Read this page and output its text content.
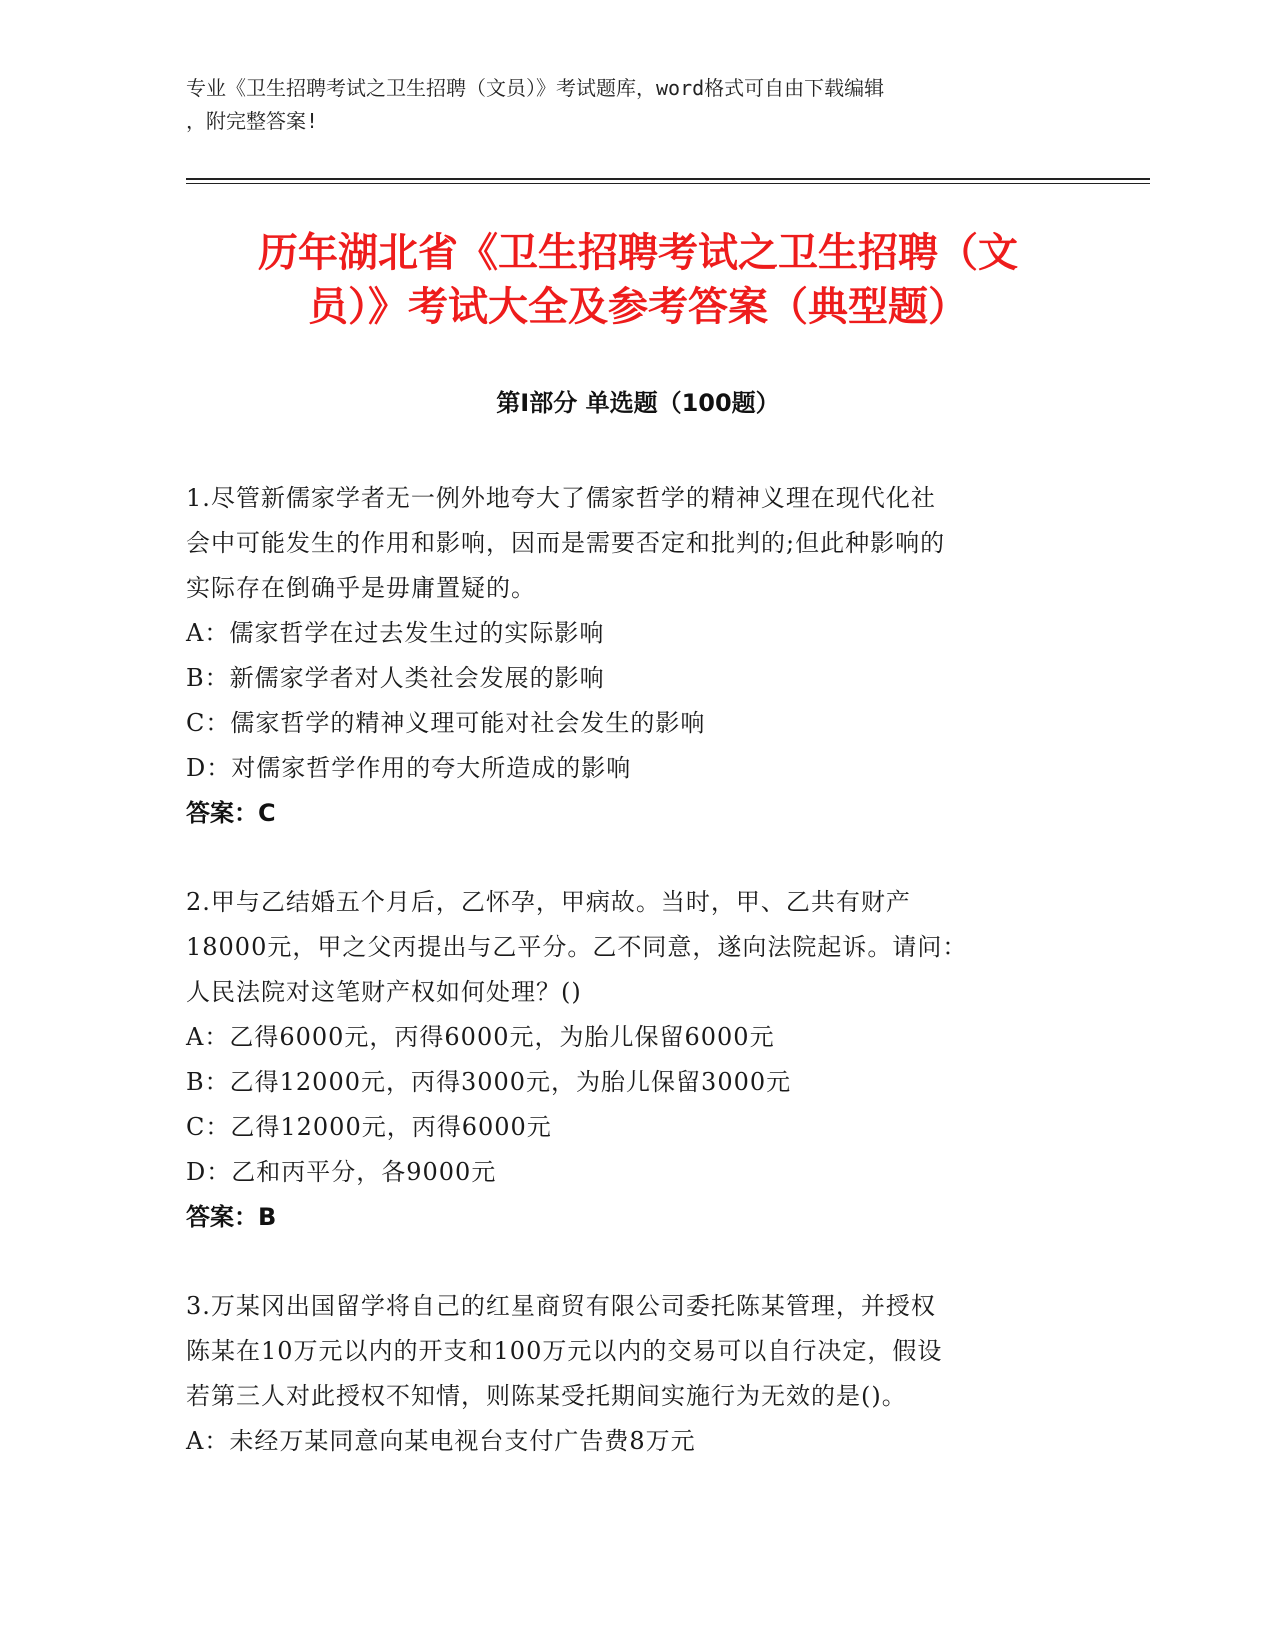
专业《卫生招聘考试之卫生招聘（文员）》考试题库，word格式可自由下载编辑
，附完整答案!
历年湖北省《卫生招聘考试之卫生招聘（文
员）》考试大全及参考答案（典型题）
第I部分 单选题（100题）
1.尽管新儒家学者无一例外地夸大了儒家哲学的精神义理在现代化社
会中可能发生的作用和影响，因而是需要否定和批判的;但此种影响的
实际存在倒确乎是毋庸置疑的。
A：儒家哲学在过去发生过的实际影响
B：新儒家学者对人类社会发展的影响
C：儒家哲学的精神义理可能对社会发生的影响
D：对儒家哲学作用的夸大所造成的影响
答案：C
2.甲与乙结婚五个月后，乙怀孕，甲病故。当时，甲、乙共有财产
18000元，甲之父丙提出与乙平分。乙不同意，遂向法院起诉。请问：
人民法院对这笔财产权如何处理？()
A：乙得6000元，丙得6000元，为胎儿保留6000元
B：乙得12000元，丙得3000元，为胎儿保留3000元
C：乙得12000元，丙得6000元
D：乙和丙平分，各9000元
答案：B
3.万某冈出国留学将自己的红星商贸有限公司委托陈某管理，并授权
陈某在10万元以内的开支和100万元以内的交易可以自行决定，假设
若第三人对此授权不知情，则陈某受托期间实施行为无效的是()。
A：未经万某同意向某电视台支付广告费8万元
